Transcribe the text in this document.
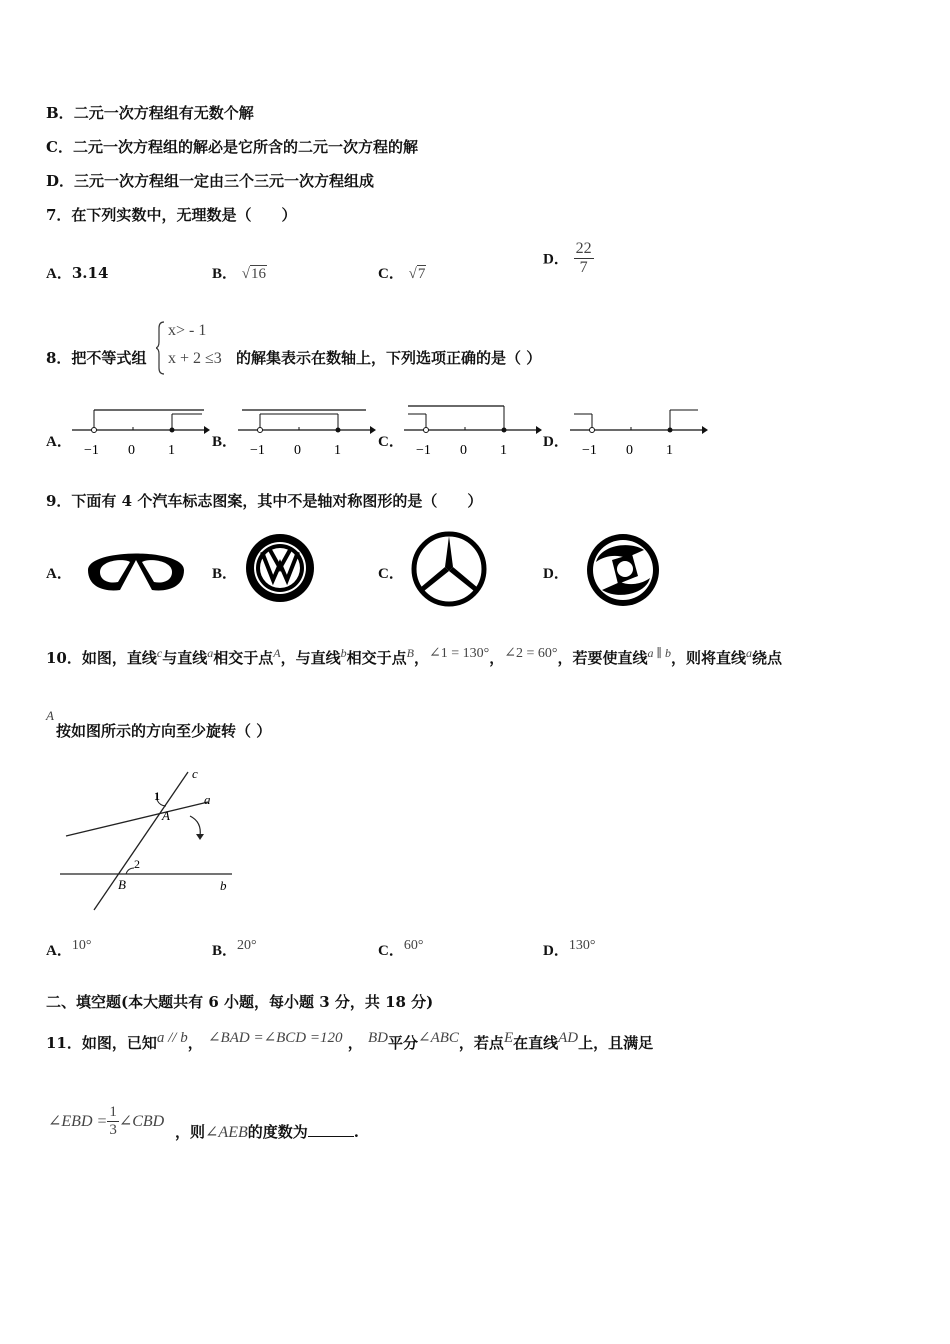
B．二元一次方程组有无数个解
C．二元一次方程组的解必是它所含的二元一次方程的解
D．三元一次方程组一定由三个三元一次方程组成
7．在下列实数中，无理数是（　　）
A．3.14	B． √16	C． √7
D． $\frac{22}{7}$
8．把不等式组
x> - 1
x + 2 ≤3 的解集表示在数轴上，下列选项正确的是（ ）
A．
−1 0 1
B．
−1 0 1
C．
−1 0 1
D．
−1 0 1
9．下面有 4 个汽车标志图案，其中不是轴对称图形的是（　　）
A．	B．	C．	D．
10．如图，直线$^c$与直线$^a$相交于点$^A$，与直线$^b$相交于点$^B$，$^{\angle 1 = 130^\circ}$，$^{\angle 2 = 60^\circ}$，若要使直线$^{a \parallel b}$，则将直线$^a$绕点
A
按如图所示的方向至少旋转（ ）
c
a
1
A
2
B	b
A．$^{10^\circ}$	B．$^{20^\circ}$	C．$^{60^\circ}$	D．$^{130^\circ}$
二、填空题(本大题共有 6 小题，每小题 3 分，共 18 分)
11．如图，已知$^{a // b}$， $^{\angle BAD =\angle BCD =120}$ ， $^{BD}$平分$^{\angle ABC}$，若点$^E$在直线$^{AD}$上，且满足
∠EBD = $\frac{1}{3}$ ∠CBD ，则∠AEB的度数为	.
